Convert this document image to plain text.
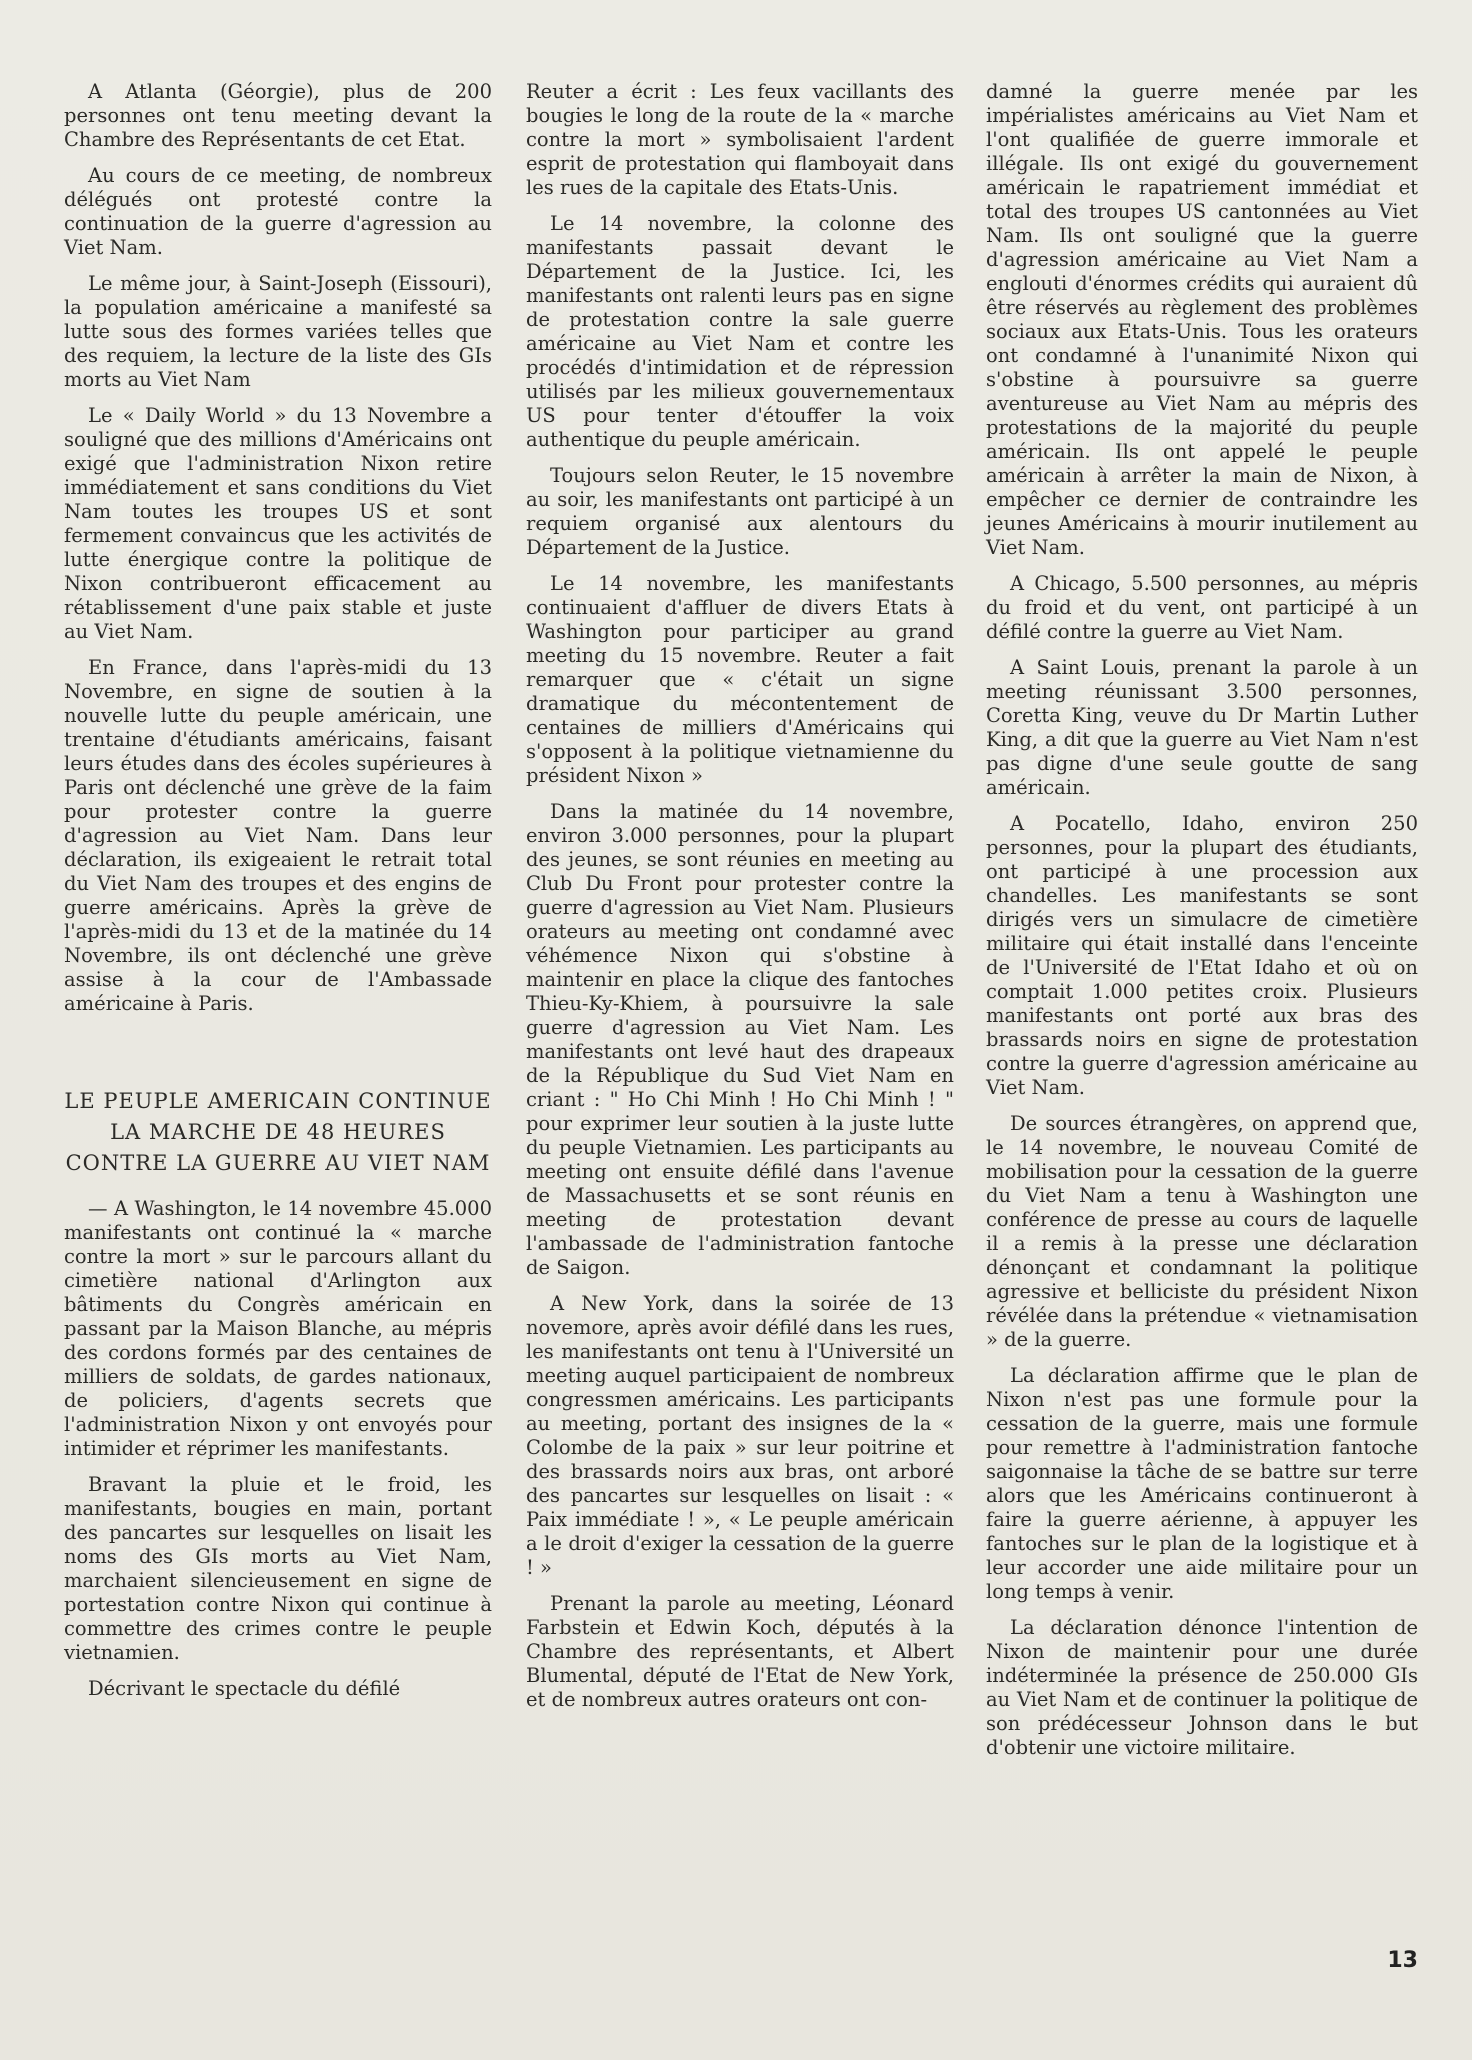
A Atlanta (Géorgie), plus de 200 personnes ont tenu meeting devant la Chambre des Représentants de cet Etat.

Au cours de ce meeting, de nombreux délégués ont protesté contre la continuation de la guerre d'agression au Viet Nam.

Le même jour, à Saint-Joseph (Eissouri), la population américaine a manifesté sa lutte sous des formes variées telles que des requiem, la lecture de la liste des GIs morts au Viet Nam

Le « Daily World » du 13 Novembre a souligné que des millions d'Américains ont exigé que l'administration Nixon retire immédiatement et sans conditions du Viet Nam toutes les troupes US et sont fermement convaincus que les activités de lutte énergique contre la politique de Nixon contribueront efficacement au rétablissement d'une paix stable et juste au Viet Nam.

En France, dans l'après-midi du 13 Novembre, en signe de soutien à la nouvelle lutte du peuple américain, une trentaine d'étudiants américains, faisant leurs études dans des écoles supérieures à Paris ont déclenché une grève de la faim pour protester contre la guerre d'agression au Viet Nam. Dans leur déclaration, ils exigeaient le retrait total du Viet Nam des troupes et des engins de guerre américains. Après la grève de l'après-midi du 13 et de la matinée du 14 Novembre, ils ont déclenché une grève assise à la cour de l'Ambassade américaine à Paris.

LE PEUPLE AMERICAIN CONTINUE LA MARCHE DE 48 HEURES CONTRE LA GUERRE AU VIET NAM

— A Washington, le 14 novembre 45.000 manifestants ont continué la « marche contre la mort » sur le parcours allant du cimetière national d'Arlington aux bâtiments du Congrès américain en passant par la Maison Blanche, au mépris des cordons formés par des centaines de milliers de soldats, de gardes nationaux, de policiers, d'agents secrets que l'administration Nixon y ont envoyés pour intimider et réprimer les manifestants.

Bravant la pluie et le froid, les manifestants, bougies en main, portant des pancartes sur lesquelles on lisait les noms des GIs morts au Viet Nam, marchaient silencieusement en signe de portestation contre Nixon qui continue à commettre des crimes contre le peuple vietnamien.

Décrivant le spectacle du défilé

Reuter a écrit : Les feux vacillants des bougies le long de la route de la « marche contre la mort » symbolisaient l'ardent esprit de protestation qui flamboyait dans les rues de la capitale des Etats-Unis.

Le 14 novembre, la colonne des manifestants passait devant le Département de la Justice. Ici, les manifestants ont ralenti leurs pas en signe de protestation contre la sale guerre américaine au Viet Nam et contre les procédés d'intimidation et de répression utilisés par les milieux gouvernementaux US pour tenter d'étouffer la voix authentique du peuple américain.

Toujours selon Reuter, le 15 novembre au soir, les manifestants ont participé à un requiem organisé aux alentours du Département de la Justice.

Le 14 novembre, les manifestants continuaient d'affluer de divers Etats à Washington pour participer au grand meeting du 15 novembre. Reuter a fait remarquer que « c'était un signe dramatique du mécontentement de centaines de milliers d'Américains qui s'opposent à la politique vietnamienne du président Nixon »

Dans la matinée du 14 novembre, environ 3.000 personnes, pour la plupart des jeunes, se sont réunies en meeting au Club Du Front pour protester contre la guerre d'agression au Viet Nam. Plusieurs orateurs au meeting ont condamné avec véhémence Nixon qui s'obstine à maintenir en place la clique des fantoches Thieu-Ky-Khiem, à poursuivre la sale guerre d'agression au Viet Nam. Les manifestants ont levé haut des drapeaux de la République du Sud Viet Nam en criant : " Ho Chi Minh ! Ho Chi Minh ! " pour exprimer leur soutien à la juste lutte du peuple Vietnamien. Les participants au meeting ont ensuite défilé dans l'avenue de Massachusetts et se sont réunis en meeting de protestation devant l'ambassade de l'administration fantoche de Saigon.

A New York, dans la soirée de 13 novemore, après avoir défilé dans les rues, les manifestants ont tenu à l'Université un meeting auquel participaient de nombreux congressmen américains. Les participants au meeting, portant des insignes de la « Colombe de la paix » sur leur poitrine et des brassards noirs aux bras, ont arboré des pancartes sur lesquelles on lisait : « Paix immédiate ! », « Le peuple américain a le droit d'exiger la cessation de la guerre ! »

Prenant la parole au meeting, Léonard Farbstein et Edwin Koch, députés à la Chambre des représentants, et Albert Blumental, député de l'Etat de New York, et de nombreux autres orateurs ont con-

damné la guerre menée par les impérialistes américains au Viet Nam et l'ont qualifiée de guerre immorale et illégale. Ils ont exigé du gouvernement américain le rapatriement immédiat et total des troupes US cantonnées au Viet Nam. Ils ont souligné que la guerre d'agression américaine au Viet Nam a englouti d'énormes crédits qui auraient dû être réservés au règlement des problèmes sociaux aux Etats-Unis. Tous les orateurs ont condamné à l'unanimité Nixon qui s'obstine à poursuivre sa guerre aventureuse au Viet Nam au mépris des protestations de la majorité du peuple américain. Ils ont appelé le peuple américain à arrêter la main de Nixon, à empêcher ce dernier de contraindre les jeunes Américains à mourir inutilement au Viet Nam.

A Chicago, 5.500 personnes, au mépris du froid et du vent, ont participé à un défilé contre la guerre au Viet Nam.

A Saint Louis, prenant la parole à un meeting réunissant 3.500 personnes, Coretta King, veuve du Dr Martin Luther King, a dit que la guerre au Viet Nam n'est pas digne d'une seule goutte de sang américain.

A Pocatello, Idaho, environ 250 personnes, pour la plupart des étudiants, ont participé à une procession aux chandelles. Les manifestants se sont dirigés vers un simulacre de cimetière militaire qui était installé dans l'enceinte de l'Université de l'Etat Idaho et où on comptait 1.000 petites croix. Plusieurs manifestants ont porté aux bras des brassards noirs en signe de protestation contre la guerre d'agression américaine au Viet Nam.

De sources étrangères, on apprend que, le 14 novembre, le nouveau Comité de mobilisation pour la cessation de la guerre du Viet Nam a tenu à Washington une conférence de presse au cours de laquelle il a remis à la presse une déclaration dénonçant et condamnant la politique agressive et belliciste du président Nixon révélée dans la prétendue « vietnamisation » de la guerre.

La déclaration affirme que le plan de Nixon n'est pas une formule pour la cessation de la guerre, mais une formule pour remettre à l'administration fantoche saigonnaise la tâche de se battre sur terre alors que les Américains continueront à faire la guerre aérienne, à appuyer les fantoches sur le plan de la logistique et à leur accorder une aide militaire pour un long temps à venir.

La déclaration dénonce l'intention de Nixon de maintenir pour une durée indéterminée la présence de 250.000 GIs au Viet Nam et de continuer la politique de son prédécesseur Johnson dans le but d'obtenir une victoire militaire.

13
